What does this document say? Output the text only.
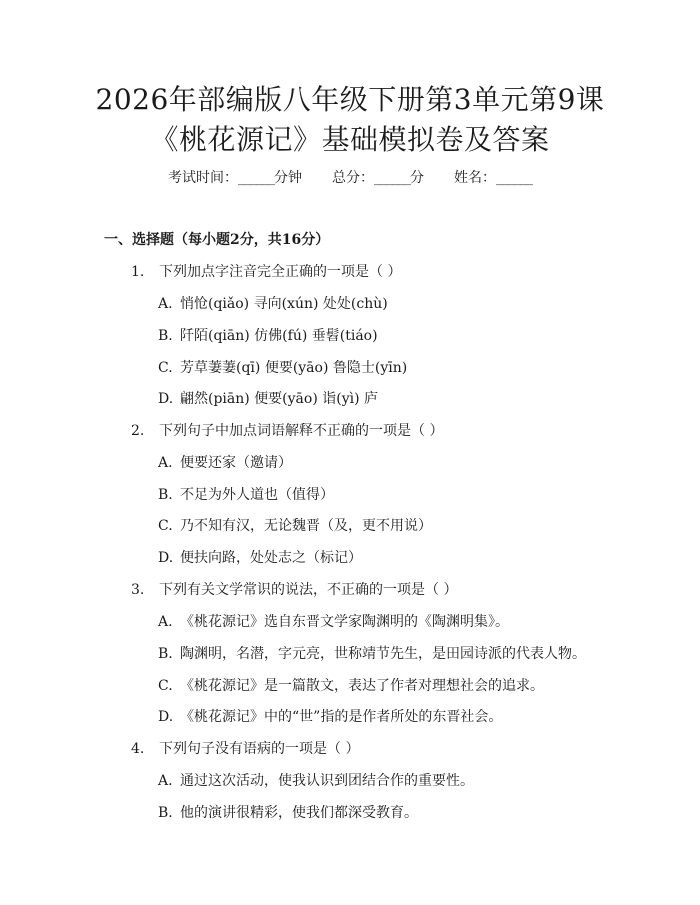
2026年部编版八年级下册第3单元第9课
《桃花源记》基础模拟卷及答案
考试时间：______分钟 总分：______分 姓名：______
一、选择题（每小题2分，共16分）
1. 下列加点字注音完全正确的一项是（ ）
A. 悄怆(qiǎo) 寻向(xún) 处处(chù)
B. 阡陌(qiān) 仿佛(fú) 垂髫(tiáo)
C. 芳草萋萋(qī) 便要(yāo) 鲁隐士(yīn)
D. 翩然(piān) 便要(yāo) 诣(yì) 庐
2. 下列句子中加点词语解释不正确的一项是（ ）
A. 便要还家（邀请）
B. 不足为外人道也（值得）
C. 乃不知有汉，无论魏晋（及，更不用说）
D. 便扶向路，处处志之（标记）
3. 下列有关文学常识的说法，不正确的一项是（ ）
A. 《桃花源记》选自东晋文学家陶渊明的《陶渊明集》。
B. 陶渊明，名潜，字元亮，世称靖节先生，是田园诗派的代表人物。
C. 《桃花源记》是一篇散文，表达了作者对理想社会的追求。
D. 《桃花源记》中的“世”指的是作者所处的东晋社会。
4. 下列句子没有语病的一项是（ ）
A. 通过这次活动，使我认识到团结合作的重要性。
B. 他的演讲很精彩，使我们都深受教育。
